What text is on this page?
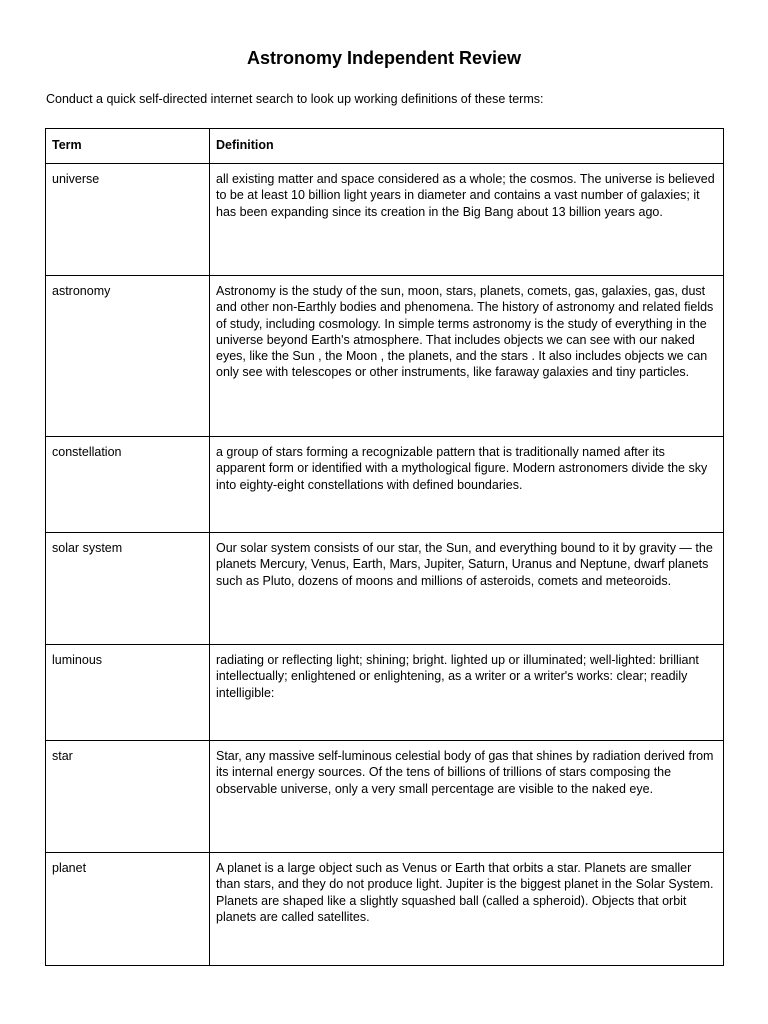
Astronomy Independent Review
Conduct a quick self-directed internet search to look up working definitions of these terms:
Term	Definition
universe	all existing matter and space considered as a whole; the cosmos. The universe is believed to be at least 10 billion light years in diameter and contains a vast number of galaxies; it has been expanding since its creation in the Big Bang about 13 billion years ago.
astronomy	Astronomy is the study of the sun, moon, stars, planets, comets, gas, galaxies, gas, dust and other non-Earthly bodies and phenomena. The history of astronomy and related fields of study, including cosmology. In simple terms astronomy is the study of everything in the universe beyond Earth's atmosphere. That includes objects we can see with our naked eyes, like the Sun , the Moon , the planets, and the stars . It also includes objects we can only see with telescopes or other instruments, like faraway galaxies and tiny particles.
constellation	a group of stars forming a recognizable pattern that is traditionally named after its apparent form or identified with a mythological figure. Modern astronomers divide the sky into eighty-eight constellations with defined boundaries.
solar system	Our solar system consists of our star, the Sun, and everything bound to it by gravity — the planets Mercury, Venus, Earth, Mars, Jupiter, Saturn, Uranus and Neptune, dwarf planets such as Pluto, dozens of moons and millions of asteroids, comets and meteoroids.
luminous	radiating or reflecting light; shining; bright. lighted up or illuminated; well-lighted: brilliant intellectually; enlightened or enlightening, as a writer or a writer's works: clear; readily intelligible:
star	Star, any massive self-luminous celestial body of gas that shines by radiation derived from its internal energy sources. Of the tens of billions of trillions of stars composing the observable universe, only a very small percentage are visible to the naked eye.
planet	A planet is a large object such as Venus or Earth that orbits a star. Planets are smaller than stars, and they do not produce light. Jupiter is the biggest planet in the Solar System. Planets are shaped like a slightly squashed ball (called a spheroid). Objects that orbit planets are called satellites.
